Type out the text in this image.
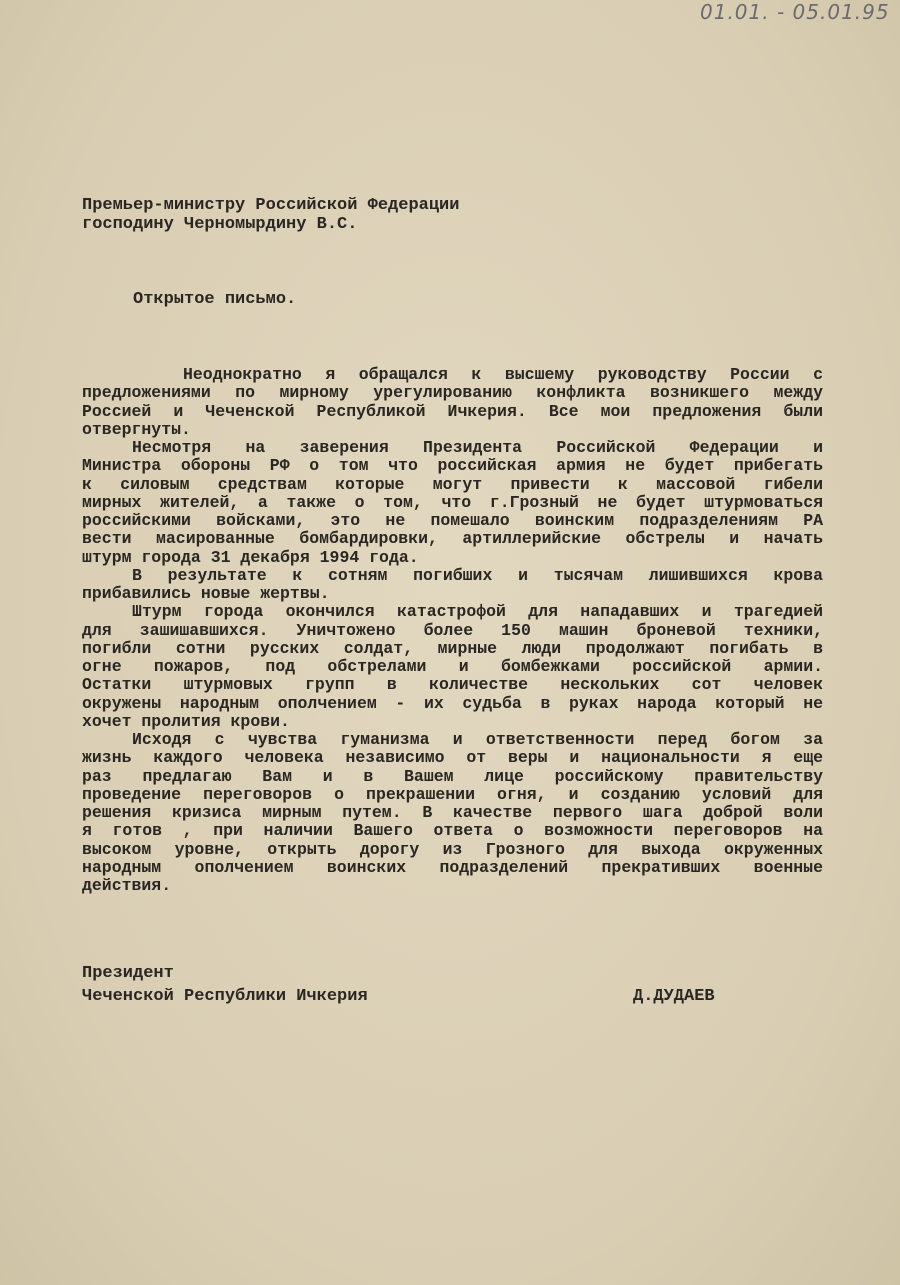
01.01. - 05.01.95
Премьер-министру Российской Федерации
господину Черномырдину В.С.
Открытое письмо.
Неоднократно я обращался к высшему руководству России с
предложениями по мирному урегулированию конфликта возникшего между
Россией и Чеченской Республикой Ичкерия. Все мои предложения были
отвергнуты.
Несмотря на заверения Президента Российской Федерации и
Министра обороны РФ о том что российская армия не будет прибегать
к силовым средствам которые могут привести к массовой гибели
мирных жителей, а также о том, что г.Грозный не будет штурмоваться
российскими войсками, это не помешало воинским подразделениям РА
вести масированные бомбардировки, артиллерийские обстрелы и начать
штурм города 31 декабря 1994 года.
В результате к сотням погибших и тысячам лишившихся крова
прибавились новые жертвы.
Штурм города окончился катастрофой для нападавших и трагедией
для зашишавшихся. Уничтожено более 150 машин броневой техники,
погибли сотни русских солдат, мирные люди продолжают погибать в
огне пожаров, под обстрелами и бомбежками российской армии.
Остатки штурмовых групп в количестве нескольких сот человек
окружены народным ополчением - их судьба в руках народа который не
хочет пролития крови.
Исходя с чувства гуманизма и ответственности перед богом за
жизнь каждого человека независимо от веры и национальности я еще
раз предлагаю Вам и в Вашем лице российскому правительству
проведение переговоров о прекрашении огня, и созданию условий для
решения кризиса мирным путем. В качестве первого шага доброй воли
я готов , при наличии Вашего ответа о возможности переговоров на
высоком уровне, открыть дорогу из Грозного для выхода окруженных
народным ополчением воинских подразделений прекративших военные
действия.
Президент
Чеченской Республики Ичкерия	Д.ДУДАЕВ
